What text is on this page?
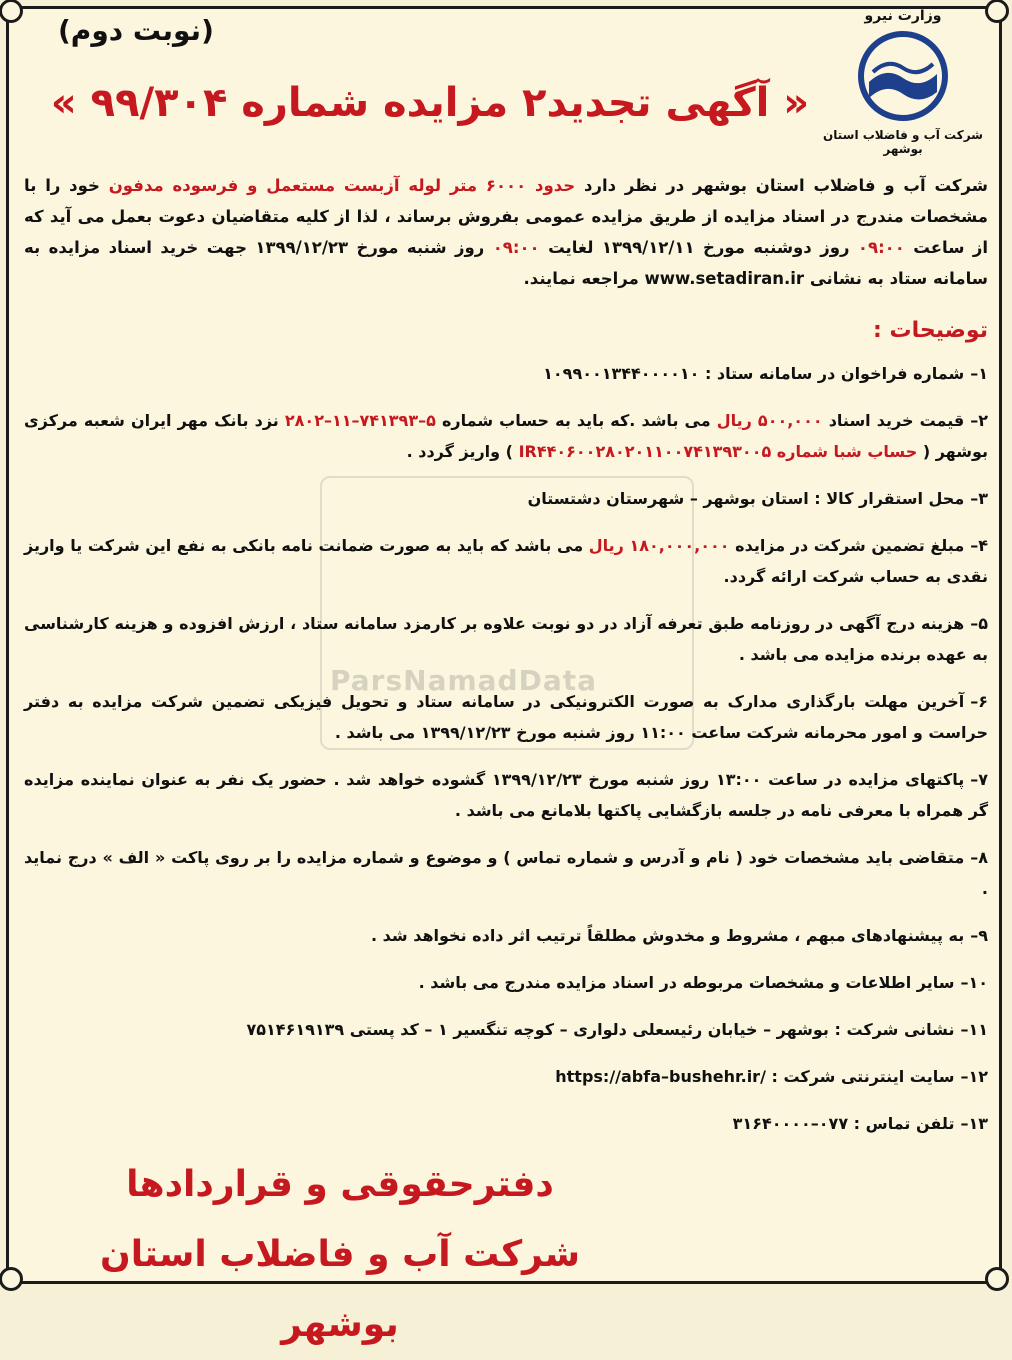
(نوبت دوم)	وزارت نیرو
شرکت آب و فاضلاب استان بوشهر
« آگهی تجدید۲ مزایده شماره ۹۹/۳۰۴ »
شرکت آب و فاضلاب استان بوشهر در نظر دارد حدود ۶۰۰۰ متر لوله آزبست مستعمل و فرسوده مدفون خود را با مشخصات مندرج در اسناد مزایده از طریق مزایده عمومی بفروش برساند ، لذا از کلیه متقاضیان دعوت بعمل می آید که از ساعت ۰۹:۰۰ روز دوشنبه مورخ ۱۳۹۹/۱۲/۱۱ لغایت ۰۹:۰۰ روز شنبه مورخ ۱۳۹۹/۱۲/۲۳ جهت خرید اسناد مزایده به سامانه ستاد به نشانی www.setadiran.ir مراجعه نمایند.
توضیحات :
ParsNamadData
۱–شماره فراخوان در سامانه ستاد : ۱۰۹۹۰۰۱۳۴۴۰۰۰۰۱۰
۲–قیمت خرید اسناد ۵۰۰,۰۰۰ ریال می باشد .که باید به حساب شماره ۵–۷۴۱۳۹۳–۱۱–۲۸۰۲ نزد بانک مهر ایران شعبه مرکزی بوشهر ( حساب شبا شماره IR۴۴۰۶۰۰۲۸۰۲۰۱۱۰۰۷۴۱۳۹۳۰۰۵ ) واریز گردد .
۳–محل استقرار کالا : استان بوشهر – شهرستان دشتستان
۴–مبلغ تضمین شرکت در مزایده ۱۸۰,۰۰۰,۰۰۰ ریال می باشد که باید به صورت ضمانت نامه بانکی به نفع این شرکت یا واریز نقدی به حساب شرکت ارائه گردد.
۵–هزینه درج آگهی در روزنامه طبق تعرفه آزاد در دو نوبت علاوه بر کارمزد سامانه ستاد ، ارزش افزوده و هزینه کارشناسی به عهده برنده مزایده می باشد .
۶–آخرین مهلت بارگذاری مدارک به صورت الکترونیکی در سامانه ستاد و تحویل فیزیکی تضمین شرکت مزایده به دفتر حراست و امور محرمانه شرکت ساعت ۱۱:۰۰ روز شنبه مورخ ۱۳۹۹/۱۲/۲۳ می باشد .
۷–پاکتهای مزایده در ساعت ۱۳:۰۰ روز شنبه مورخ ۱۳۹۹/۱۲/۲۳ گشوده خواهد شد . حضور یک نفر به عنوان نماینده مزایده گر همراه با معرفی نامه در جلسه بازگشایی پاکتها بلامانع می باشد .
۸–متقاضی باید مشخصات خود ( نام و آدرس و شماره تماس ) و موضوع و شماره مزایده را بر روی پاکت « الف » درج نماید .
۹–به پیشنهادهای مبهم ، مشروط و مخدوش مطلقاً ترتیب اثر داده نخواهد شد .
۱۰–سایر اطلاعات و مشخصات مربوطه در اسناد مزایده مندرج می باشد .
۱۱–نشانی شرکت : بوشهر – خیابان رئیسعلی دلواری – کوچه تنگسیر ۱ – کد پستی ۷۵۱۴۶۱۹۱۳۹
۱۲–سایت اینترنتی شرکت : https://abfa–bushehr.ir/
۱۳–تلفن تماس : ۰۷۷–۳۱۶۴۰۰۰۰
دفترحقوقی و قراردادها
شرکت آب و فاضلاب استان بوشهر
